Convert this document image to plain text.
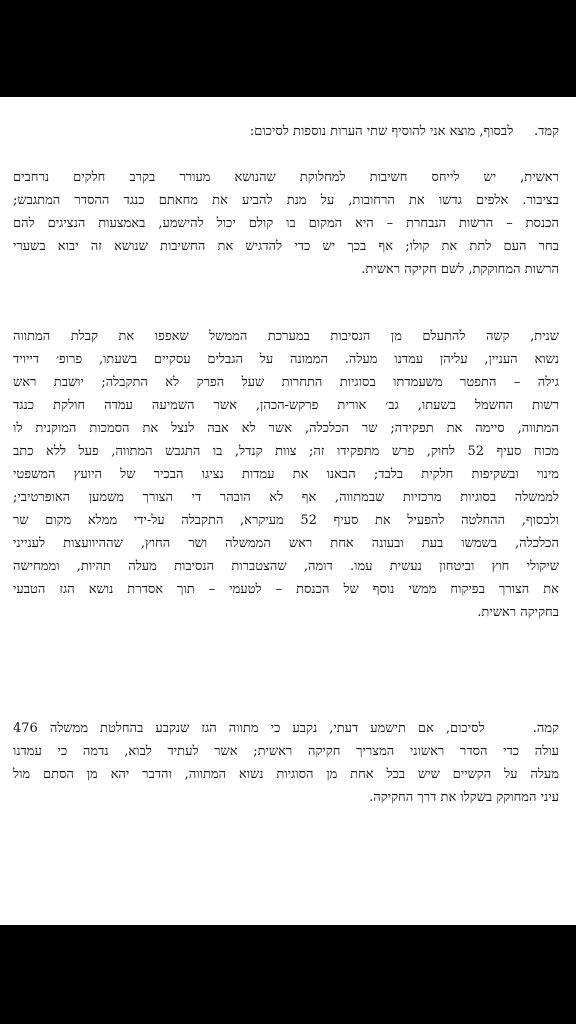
קמד.     לבסוף, מוצא אני להוסיף שתי הערות נוספות לסיכום:
ראשית, יש לייחס חשיבות למחלוקת שהנושא מעורר בקרב חלקים נרחבים
בציבור. אלפים גדשו את הרחובות, על מנת להביע את מחאתם כנגד ההסדר המתגבש;
הכנסת – הרשות הנבחרת – היא המקום בו קולם יכול להישמע, באמצעות הנציגים להם
בחר העם לתת את קולו; אף בכך יש כדי להדגיש את החשיבות שנושא זה יבוא בשערי
הרשות המחוקקת, לשם חקיקה ראשית.
שנית, קשה להתעלם מן הנסיבות במערכת הממשל שאפפו את קבלת המתווה
נשוא העניין, עליהן עמדנו מעלה. הממונה על הגבלים עסקיים בשעתו, פרופ׳ דייויד
גילה – התפטר משעמדתו בסוגיות התחרות שעל הפרק לא התקבלה; יושבת ראש
רשות החשמל בשעתו, גב׳ אורית פרקש-הכהן, אשר השמיעה עמדה חולקת כנגד
המתווה, סיימה את תפקידה; שר הכלכלה, אשר לא אבה לנצל את הסמכות המוקנית לו
מכוח סעיף 52 לחוק, פרש מתפקידו זה; צוות קנדל, בו התגבש המתווה, פעל ללא כתב
מינוי ובשקיפות חלקית בלבד; הבאנו את עמדות נציגו הבכיר של היועץ המשפטי
לממשלה בסוגיות מרכזיות שבמתווה, אף לא הובהר די הצורך משמען האופרטיבי;
ולבסוף, ההחלטה להפעיל את סעיף 52 מעיקרא, התקבלה על-ידי ממלא מקום שר
הכלכלה, בשמשו בעת ובעונה אחת ראש הממשלה ושר החוץ, שההיוועצות לענייני
שיקולי חוץ וביטחון נעשית עמו. דומה, שהצטברות הנסיבות מעלה תהיות, וממחישה
את הצורך בפיקוח ממשי נוסף של הכנסת – לטעמי – תוך אסדרת נושא הגז הטבעי
בחקיקה ראשית.
קמה.    לסיכום, אם תישמע דעתי, נקבע כי מתווה הגז שנקבע בהחלטת ממשלה 476
עולה כדי הסדר ראשוני המצריך חקיקה ראשית; אשר לעתיד לבוא, נדמה כי עמדנו
מעלה על הקשיים שיש בכל אחת מן הסוגיות נשוא המתווה, והדבר יהא מן הסתם מול
עיני המחוקק בשקלו את דרך החקיקה.
